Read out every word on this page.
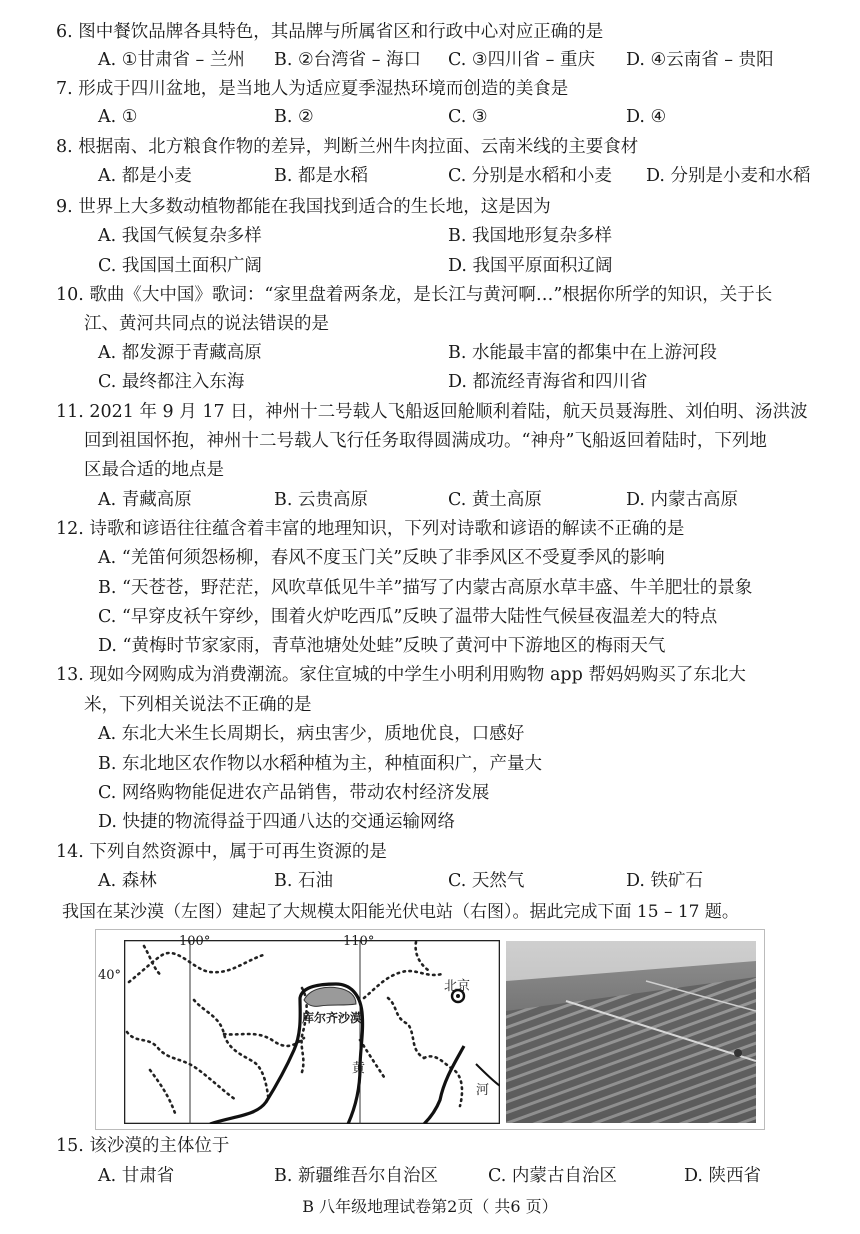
6. 图中餐饮品牌各具特色，其品牌与所属省区和行政中心对应正确的是
A. ①甘肃省 – 兰州 B. ②台湾省 – 海口 C. ③四川省 – 重庆 D. ④云南省 – 贵阳
7. 形成于四川盆地，是当地人为适应夏季湿热环境而创造的美食是
A. ①	B. ②	C. ③	D. ④
8. 根据南、北方粮食作物的差异，判断兰州牛肉拉面、云南米线的主要食材
A. 都是小麦	B. 都是水稻	C. 分别是水稻和小麦 D. 分别是小麦和水稻
9. 世界上大多数动植物都能在我国找到适合的生长地，这是因为
A. 我国气候复杂多样	B. 我国地形复杂多样
C. 我国国土面积广阔	D. 我国平原面积辽阔
10. 歌曲《大中国》歌词：“家里盘着两条龙，是长江与黄河啊…”根据你所学的知识，关于长
江、黄河共同点的说法错误的是
A. 都发源于青藏高原	B. 水能最丰富的都集中在上游河段
C. 最终都注入东海	D. 都流经青海省和四川省
11. 2021 年 9 月 17 日，神州十二号载人飞船返回舱顺利着陆，航天员聂海胜、刘伯明、汤洪波
回到祖国怀抱，神州十二号载人飞行任务取得圆满成功。“神舟”飞船返回着陆时，下列地
区最合适的地点是
A. 青藏高原	B. 云贵高原	C. 黄土高原	D. 内蒙古高原
12. 诗歌和谚语往往蕴含着丰富的地理知识，下列对诗歌和谚语的解读不正确的是
A. “羌笛何须怨杨柳，春风不度玉门关”反映了非季风区不受夏季风的影响
B. “天苍苍，野茫茫，风吹草低见牛羊”描写了内蒙古高原水草丰盛、牛羊肥壮的景象
C. “早穿皮袄午穿纱，围着火炉吃西瓜”反映了温带大陆性气候昼夜温差大的特点
D. “黄梅时节家家雨，青草池塘处处蛙”反映了黄河中下游地区的梅雨天气
13. 现如今网购成为消费潮流。家住宣城的中学生小明利用购物 app 帮妈妈购买了东北大
米，下列相关说法不正确的是
A. 东北大米生长周期长，病虫害少，质地优良，口感好
B. 东北地区农作物以水稻种植为主，种植面积广，产量大
C. 网络购物能促进农产品销售，带动农村经济发展
D. 快捷的物流得益于四通八达的交通运输网络
14. 下列自然资源中，属于可再生资源的是
A. 森林	B. 石油	C. 天然气	D. 铁矿石
我国在某沙漠（左图）建起了大规模太阳能光伏电站（右图）。据此完成下面 15 – 17 题。
100°	110°
40°
北京
库尔齐沙漠
黄
河
15. 该沙漠的主体位于
A. 甘肃省	B. 新疆维吾尔自治区	C. 内蒙古自治区	D. 陕西省
B 八年级地理试卷第2页（ 共6 页）
